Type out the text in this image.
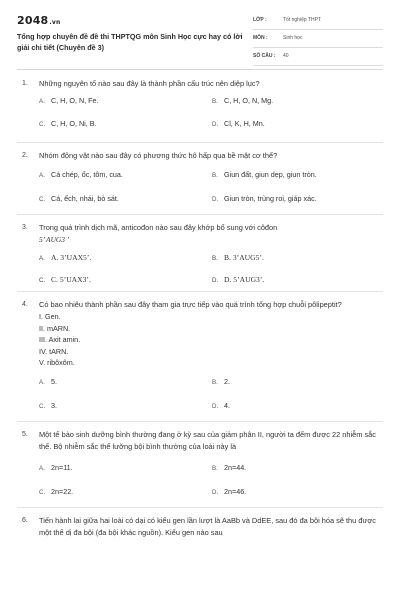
2048.vn
Tổng hợp chuyên đề đề thi THPTQG môn Sinh Học cực hay có lời giải chi tiết (Chuyên đề 3)
LỚP :	Tốt nghiệp THPT
MÔN :	Sinh học
SỐ CÂU : 40
1. Những nguyên tố nào sau đây là thành phần cấu trúc nên diệp lục?
A. C, H, O, N, Fe.	B. C, H, O, N, Mg.
C. C, H, O, Ni, B.	D. Cl, K, H, Mn.
2. Nhóm động vật nào sau đây có phương thức hô hấp qua bề mặt cơ thể?
A. Cá chép, ốc, tôm, cua.	B. Giun đất, giun dẹp, giun tròn.
C. Cá, ếch, nhái, bò sát.	D. Giun tròn, trùng roi, giáp xác.
3. Trong quá trình dịch mã, anticođon nào sau đây khớp bổ sung với côđon
5’ AUG3 ’
A. A. 3’UAX5’.	B. B. 3’AUG5’.
C. C. 5’UAX3’.	D. D. 5’AUG3’.
4. Có bao nhiêu thành phần sau đây tham gia trực tiếp vào quá trình tổng hợp chuỗi pôlipeptit?
I. Gen.
II. mARN.
III. Axit amin.
IV. tARN.
V. ribôxôm.
A. 5.	B. 2.
C. 3.	D. 4.
5. Một tế bào sinh dưỡng bình thường đang ở kỳ sau của giảm phân II, người ta đếm được 22 nhiễm sắc thể. Bộ nhiễm sắc thể lưỡng bội bình thường của loài này là
A. 2n=11.	B. 2n=44.
C. 2n=22.	D. 2n=46.
6. Tiến hành lai giữa hai loài có dại có kiểu gen lần lượt là AaBb và DdEE, sau đó đa bội hóa sẽ thu được một thể dị đa bội (đa bội khác nguồn). Kiểu gen nào sau
